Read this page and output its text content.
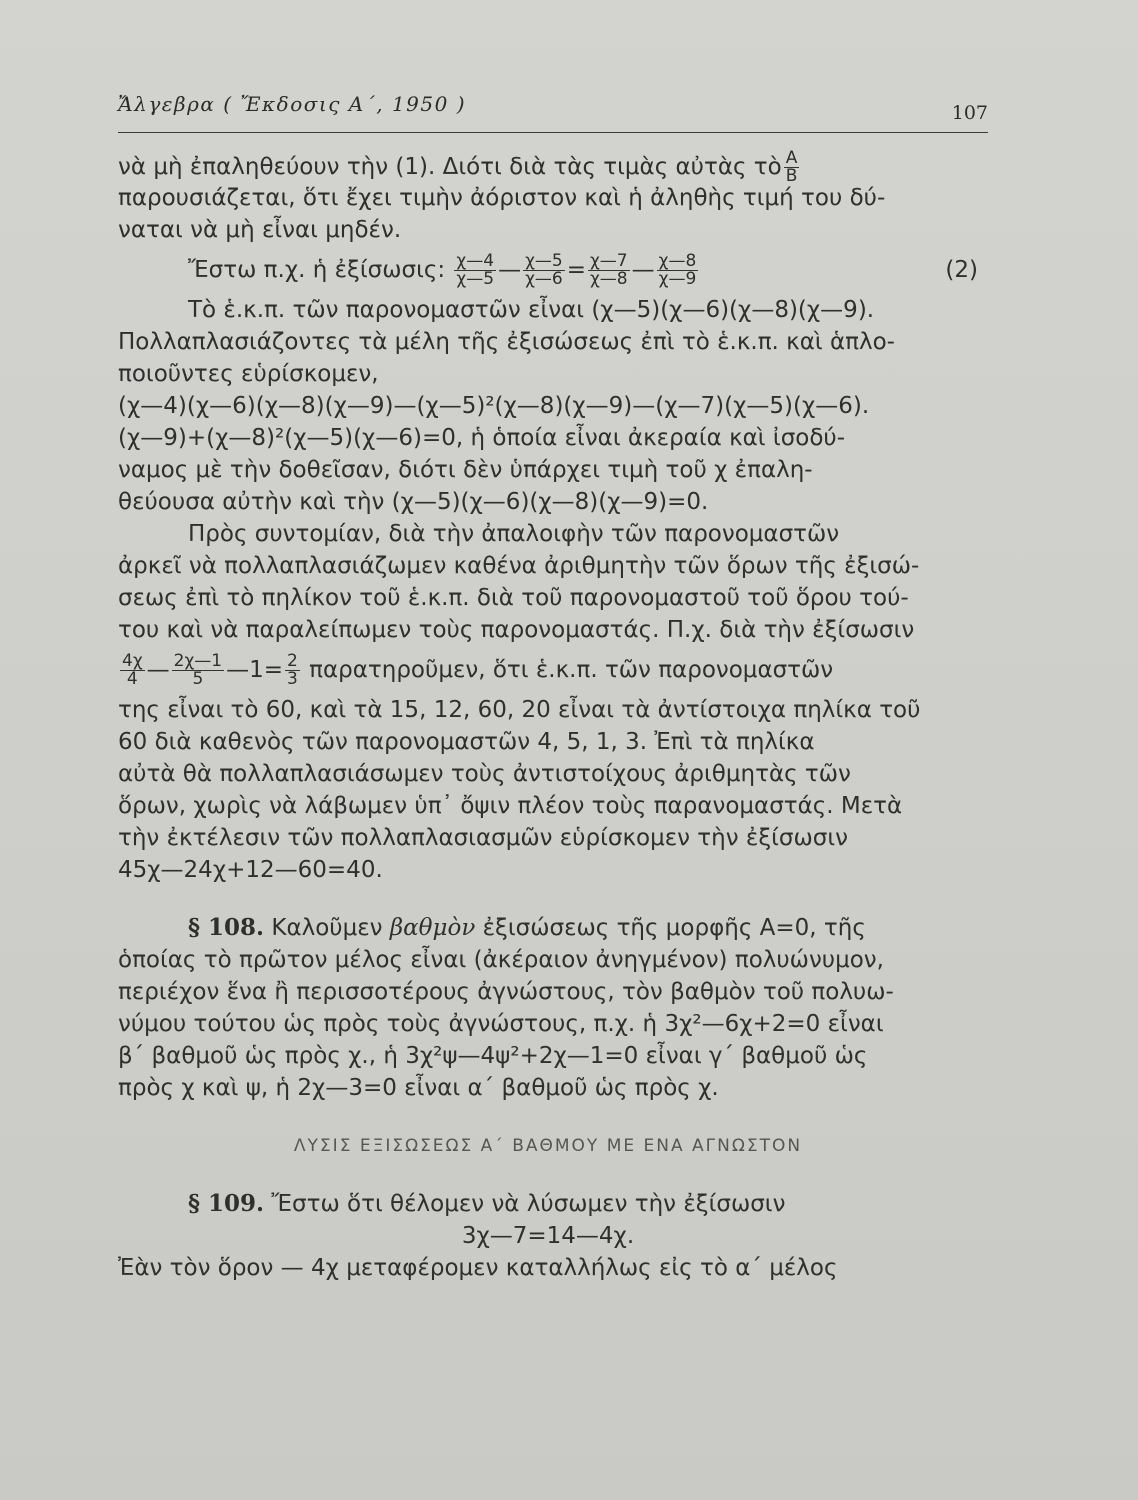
Ἄλγεβρα ( Ἔκδοσις Α΄, 1950 )	107
νὰ μὴ ἐπαληθεύουν τὴν (1). Διότι διὰ τὰς τιμὰς αὐτὰς τὸ $\frac{A}{B}$
παρουσιάζεται, ὅτι ἔχει τιμὴν ἀόριστον καὶ ἡ ἀληθὴς τιμή του δύ-
ναται νὰ μὴ εἶναι μηδέν.
Ἔστω π.χ. ἡ ἐξίσωσις:
$\frac{\chi—4}{\chi—5}$ — $\frac{\chi—5}{\chi—6} = \frac{\chi—7}{\chi—8}$ — $\frac{\chi—8}{\chi—9}$	(2)
Τὸ ἑ.κ.π. τῶν παρονομαστῶν εἶναι (χ—5)(χ—6)(χ—8)(χ—9).
Πολλαπλασιάζοντες τὰ μέλη τῆς ἐξισώσεως ἐπὶ τὸ ἑ.κ.π. καὶ ἁπλο-
ποιοῦντες εὑρίσκομεν,
(χ—4)(χ—6)(χ—8)(χ—9)—(χ—5)²(χ—8)(χ—9)—(χ—7)(χ—5)(χ—6).
(χ—9)+(χ—8)²(χ—5)(χ—6)=0, ἡ ὁποία εἶναι ἀκεραία καὶ ἰσοδύ-
ναμος μὲ τὴν δοθεῖσαν, διότι δὲν ὑπάρχει τιμὴ τοῦ χ ἐπαλη-
θεύουσα αὐτὴν καὶ τὴν (χ—5)(χ—6)(χ—8)(χ—9)=0.
Πρὸς συντομίαν, διὰ τὴν ἀπαλοιφὴν τῶν παρονομαστῶν
ἀρκεῖ νὰ πολλαπλασιάζωμεν καθένα ἀριθμητὴν τῶν ὅρων τῆς ἐξισώ-
σεως ἐπὶ τὸ πηλίκον τοῦ ἑ.κ.π. διὰ τοῦ παρονομαστοῦ τοῦ ὅρου τού-
του καὶ νὰ παραλείπωμεν τοὺς παρονομαστάς. Π.χ. διὰ τὴν ἐξίσωσιν
$\frac{4\chi}{4}$ — $\frac{2\chi—1}{5}$ —1= $\frac{2}{3}$
παρατηροῦμεν, ὅτι ἑ.κ.π. τῶν παρονομαστῶν
της εἶναι τὸ 60, καὶ τὰ 15, 12, 60, 20 εἶναι τὰ ἀντίστοιχα πηλίκα τοῦ
60 διὰ καθενὸς τῶν παρονομαστῶν 4, 5, 1, 3. Ἐπὶ τὰ πηλίκα
αὐτὰ θὰ πολλαπλασιάσωμεν τοὺς ἀντιστοίχους ἀριθμητὰς τῶν
ὅρων, χωρὶς νὰ λάβωμεν ὑπ᾽ ὄψιν πλέον τοὺς παρανομαστάς. Μετὰ
τὴν ἐκτέλεσιν τῶν πολλαπλασιασμῶν εὑρίσκομεν τὴν ἐξίσωσιν
45χ—24χ+12—60=40.
§ 108. Καλοῦμεν βαθμὸν ἐξισώσεως τῆς μορφῆς Α=0, τῆς
ὁποίας τὸ πρῶτον μέλος εἶναι (ἀκέραιον ἀνηγμένον) πολυώνυμον,
περιέχον ἕνα ἢ περισσοτέρους ἀγνώστους, τὸν βαθμὸν τοῦ πολυω-
νύμου τούτου ὡς πρὸς τοὺς ἀγνώστους, π.χ. ἡ 3χ²—6χ+2=0 εἶναι
β΄ βαθμοῦ ὡς πρὸς χ., ἡ 3χ²ψ—4ψ²+2χ—1=0 εἶναι γ΄ βαθμοῦ ὡς
πρὸς χ καὶ ψ, ἡ 2χ—3=0 εἶναι α΄ βαθμοῦ ὡς πρὸς χ.
ΛΥΣΙΣ ΕΞΙΣΩΣΕΩΣ Α΄ ΒΑΘΜΟΥ ΜΕ ΕΝΑ ΑΓΝΩΣΤΟΝ
§ 109. Ἔστω ὅτι θέλομεν νὰ λύσωμεν τὴν ἐξίσωσιν
3χ—7=14—4χ.
Ἐὰν τὸν ὅρον — 4χ μεταφέρομεν καταλλήλως εἰς τὸ α΄ μέλος
